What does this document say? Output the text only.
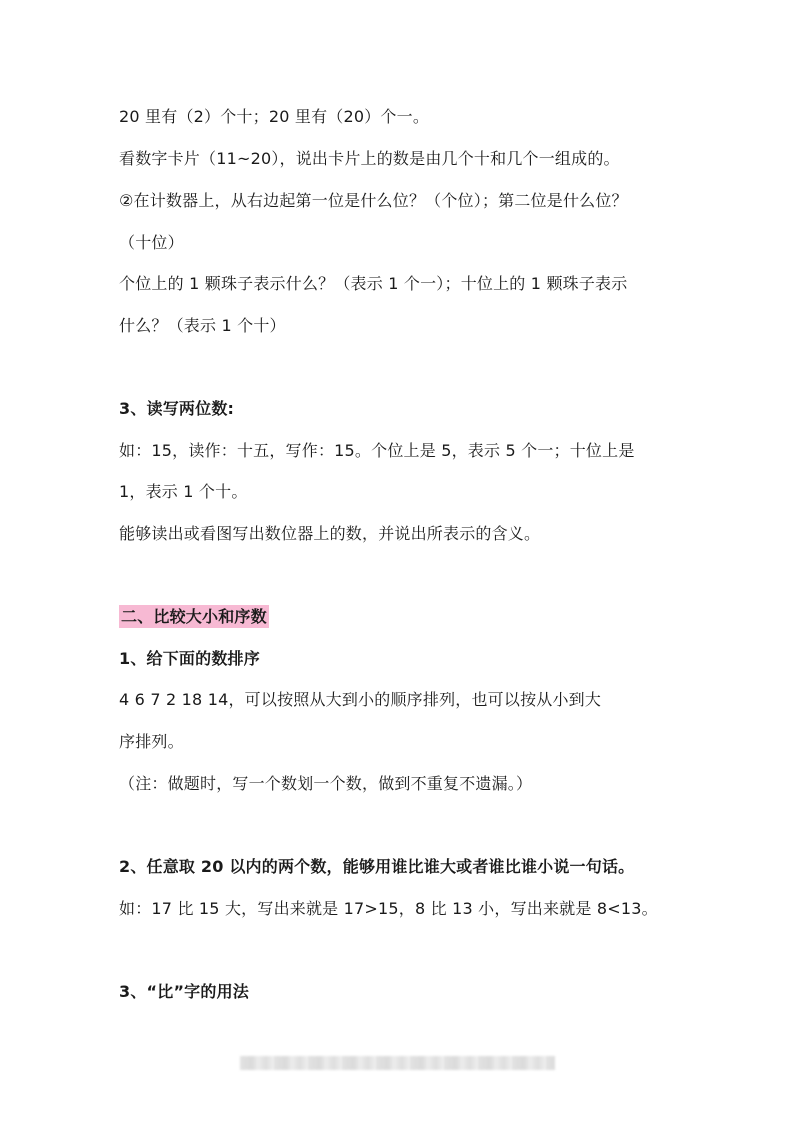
20 里有（2）个十；20 里有（20）个一。
看数字卡片（11~20），说出卡片上的数是由几个十和几个一组成的。
②在计数器上，从右边起第一位是什么位？（个位）；第二位是什么位？
（十位）
个位上的 1 颗珠子表示什么？（表示 1 个一）；十位上的 1 颗珠子表示
什么？（表示 1 个十）
3、读写两位数:
如：15，读作：十五，写作：15。个位上是 5，表示 5 个一；十位上是
1，表示 1 个十。
能够读出或看图写出数位器上的数，并说出所表示的含义。
二、比较大小和序数
1、给下面的数排序
4 6 7 2 18 14，可以按照从大到小的顺序排列，也可以按从小到大
序排列。
（注：做题时，写一个数划一个数，做到不重复不遗漏。）
2、任意取 20 以内的两个数，能够用谁比谁大或者谁比谁小说一句话。
如：17 比 15 大，写出来就是 17>15，8 比 13 小，写出来就是 8<13。
3、“比”字的用法
